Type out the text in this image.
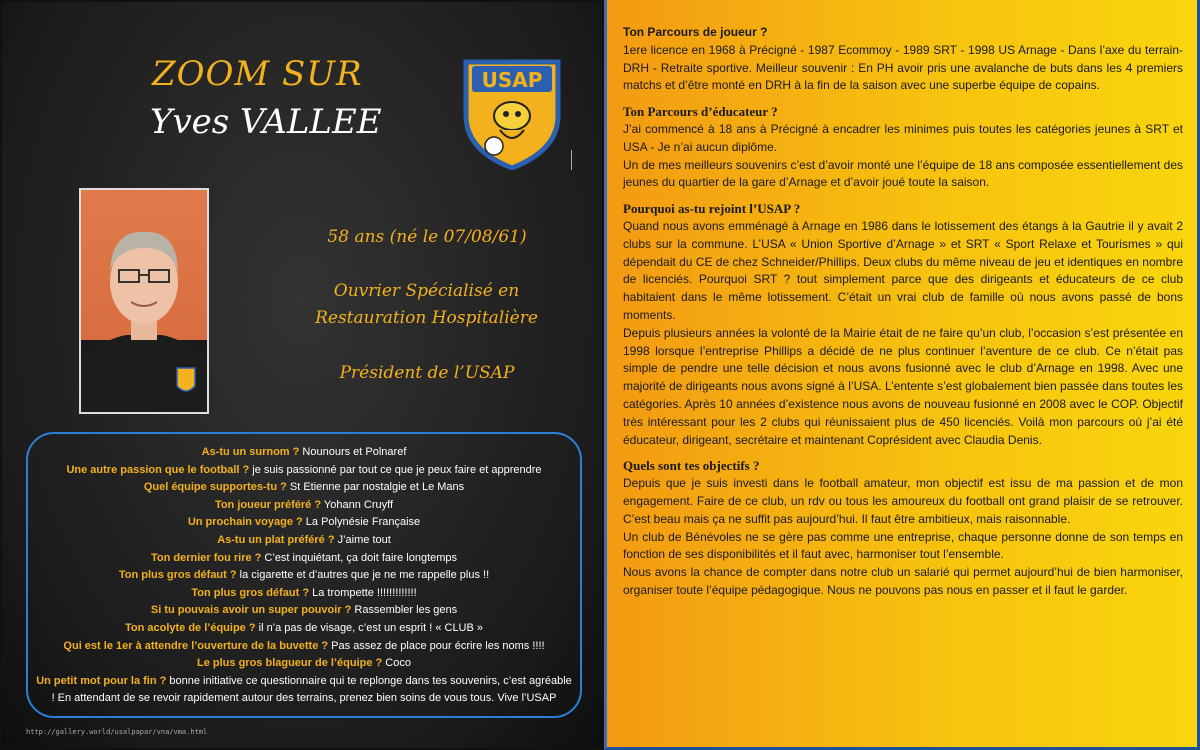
ZOOM SUR
Yves VALLEE
USAP
58 ans (né le 07/08/61)
Ouvrier Spécialisé en
Restauration Hospitalière
Président de l’USAP
As-tu un surnom ? Nounours et Polnaref
Une autre passion que le football ? je suis passionné par tout ce que je peux faire et apprendre
Quel équipe supportes-tu ? St Etienne par nostalgie et Le Mans
Ton joueur préféré ? Yohann Cruyff
Un prochain voyage ? La Polynésie Française
As-tu un plat préféré ? J’aime tout
Ton dernier fou rire ? C’est inquiétant, ça doit faire longtemps
Ton plus gros défaut ? la cigarette et d’autres que je ne me rappelle plus !!
Ton plus gros défaut ? La trompette !!!!!!!!!!!!!
Si tu pouvais avoir un super pouvoir ? Rassembler les gens
Ton acolyte de l’équipe ? il n’a pas de visage, c’est un esprit ! « CLUB »
Qui est le 1er à attendre l’ouverture de la buvette ? Pas assez de place pour écrire les noms !!!!
Le plus gros blagueur de l’équipe ? Coco
Un petit mot pour la fin ? bonne initiative ce questionnaire qui te replonge dans tes souvenirs, c’est agréable ! En attendant de se revoir rapidement autour des terrains, prenez bien soins de vous tous. Vive l’USAP
http://gallery.world/usalpapar/vna/vma.html

Ton Parcours de joueur ?

1ere licence en 1968 à Précigné - 1987 Ecommoy - 1989 SRT - 1998 US Arnage - Dans l’axe du terrain- DRH - Retraite sportive. Meilleur souvenir : En PH avoir pris une avalanche de buts dans les 4 premiers matchs et d’être monté en DRH à la fin de la saison avec une superbe équipe de copains.

Ton Parcours d’éducateur ?

J’ai commencé à 18 ans à Précigné à encadrer les minimes puis toutes les catégories jeunes à SRT et USA - Je n’ai aucun diplôme.

Un de mes meilleurs souvenirs c’est d’avoir monté une l’équipe de 18 ans composée essentiellement des jeunes du quartier de la gare d’Arnage et d’avoir joué toute la saison.

Pourquoi as-tu rejoint l’USAP ?

Quand nous avons emménagé à Arnage en 1986 dans le lotissement des étangs à la Gautrie il y avait 2 clubs sur la commune. L’USA « Union Sportive d’Arnage » et SRT « Sport Relaxe et Tourismes » qui dépendait du CE de chez Schneider/Phillips. Deux clubs du même niveau de jeu et identiques en nombre de licenciés. Pourquoi SRT ? tout simplement parce que des dirigeants et éducateurs de ce club habitaient dans le même lotissement. C’était un vrai club de famille où nous avons passé de bons moments.

Depuis plusieurs années la volonté de la Mairie était de ne faire qu’un club, l’occasion s’est présentée en 1998 lorsque l’entreprise Phillips a décidé de ne plus continuer l’aventure de ce club. Ce n’était pas simple de pendre une telle décision et nous avons fusionné avec le club d’Arnage en 1998. Avec une majorité de dirigeants nous avons signé à l’USA. L’entente s’est globalement bien passée dans toutes les catégories. Après 10 années d’existence nous avons de nouveau fusionné en 2008 avec le COP. Objectif très intéressant pour les 2 clubs qui réunissaient plus de 450 licenciés. Voilà mon parcours où j’ai été éducateur, dirigeant, secrétaire et maintenant Coprésident avec Claudia Denis.

Quels sont tes objectifs ?

Depuis que je suis investi dans le football amateur, mon objectif est issu de ma passion et de mon engagement. Faire de ce club, un rdv ou tous les amoureux du football ont grand plaisir de se retrouver. C’est beau mais ça ne suffit pas aujourd’hui. Il faut être ambitieux, mais raisonnable.

Un club de Bénévoles ne se gère pas comme une entreprise, chaque personne donne de son temps en fonction de ses disponibilités et il faut avec, harmoniser tout l’ensemble.

Nous avons la chance de compter dans notre club un salarié qui permet aujourd’hui de bien harmoniser, organiser toute l’équipe pédagogique. Nous ne pouvons pas nous en passer et il faut le garder.
